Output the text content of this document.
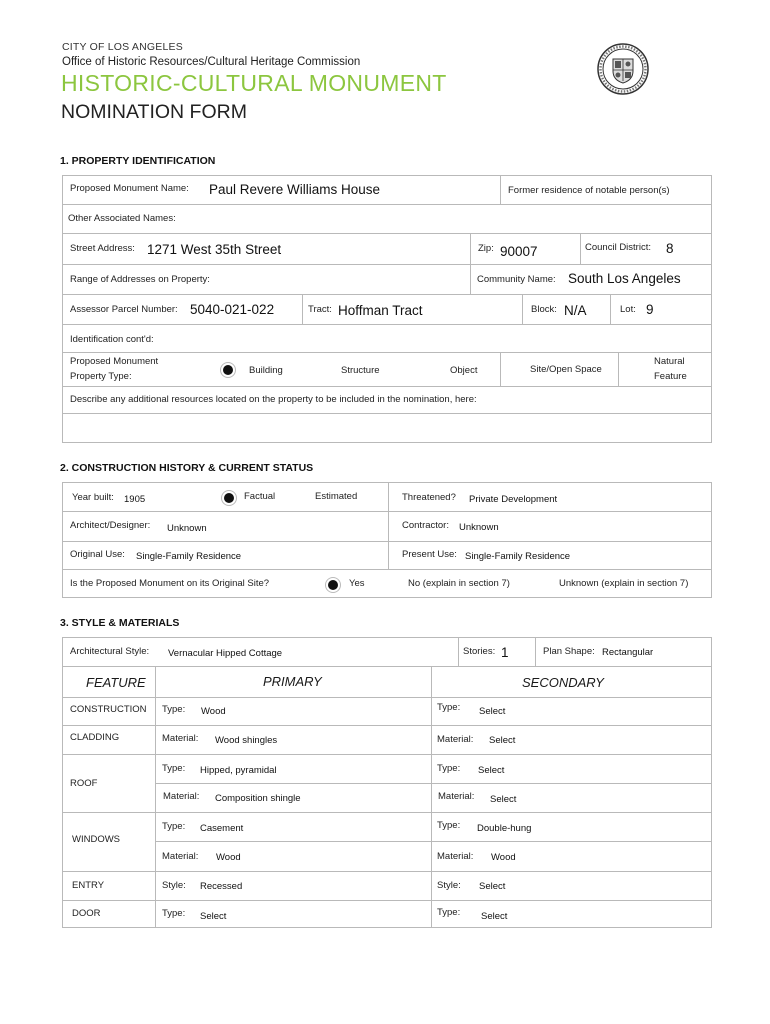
CITY OF LOS ANGELES
Office of Historic Resources/Cultural Heritage Commission
HISTORIC-CULTURAL MONUMENT
NOMINATION FORM
1. PROPERTY IDENTIFICATION
Proposed Monument Name: Paul Revere Williams House	Former residence of notable person(s)
Other Associated Names:
Street Address: 1271 West 35th Street	Zip: 90007	Council District: 8
Range of Addresses on Property:	Community Name: South Los Angeles
Assessor Parcel Number: 5040-021-022	Tract: Hoffman Tract	Block: N/A	Lot: 9
Identification cont'd:
Proposed Monument
Property Type:
Building	Structure	Object	Site/Open Space
Natural
Feature
Describe any additional resources located on the property to be included in the nomination, here:
2. CONSTRUCTION HISTORY & CURRENT STATUS
Year built: 1905	Factual	Estimated	Threatened? Private Development
Architect/Designer: Unknown	Contractor: Unknown
Original Use: Single-Family Residence	Present Use: Single-Family Residence
Is the Proposed Monument on its Original Site?	Yes	No (explain in section 7)	Unknown (explain in section 7)
3. STYLE & MATERIALS
Architectural Style: Vernacular Hipped Cottage	Stories: 1	Plan Shape: Rectangular
FEATURE	PRIMARY	SECONDARY
CONSTRUCTION Type: Wood	Type: Select
CLADDING	Material: Wood shingles	Material: Select
ROOF
Type: Hipped, pyramidal	Type: Select
Material: Composition shingle	Material: Select
WINDOWS
Type: Casement	Type: Double-hung
Material: Wood	Material: Wood
ENTRY	Style: Recessed	Style: Select
DOOR	Type: Select	Type: Select
